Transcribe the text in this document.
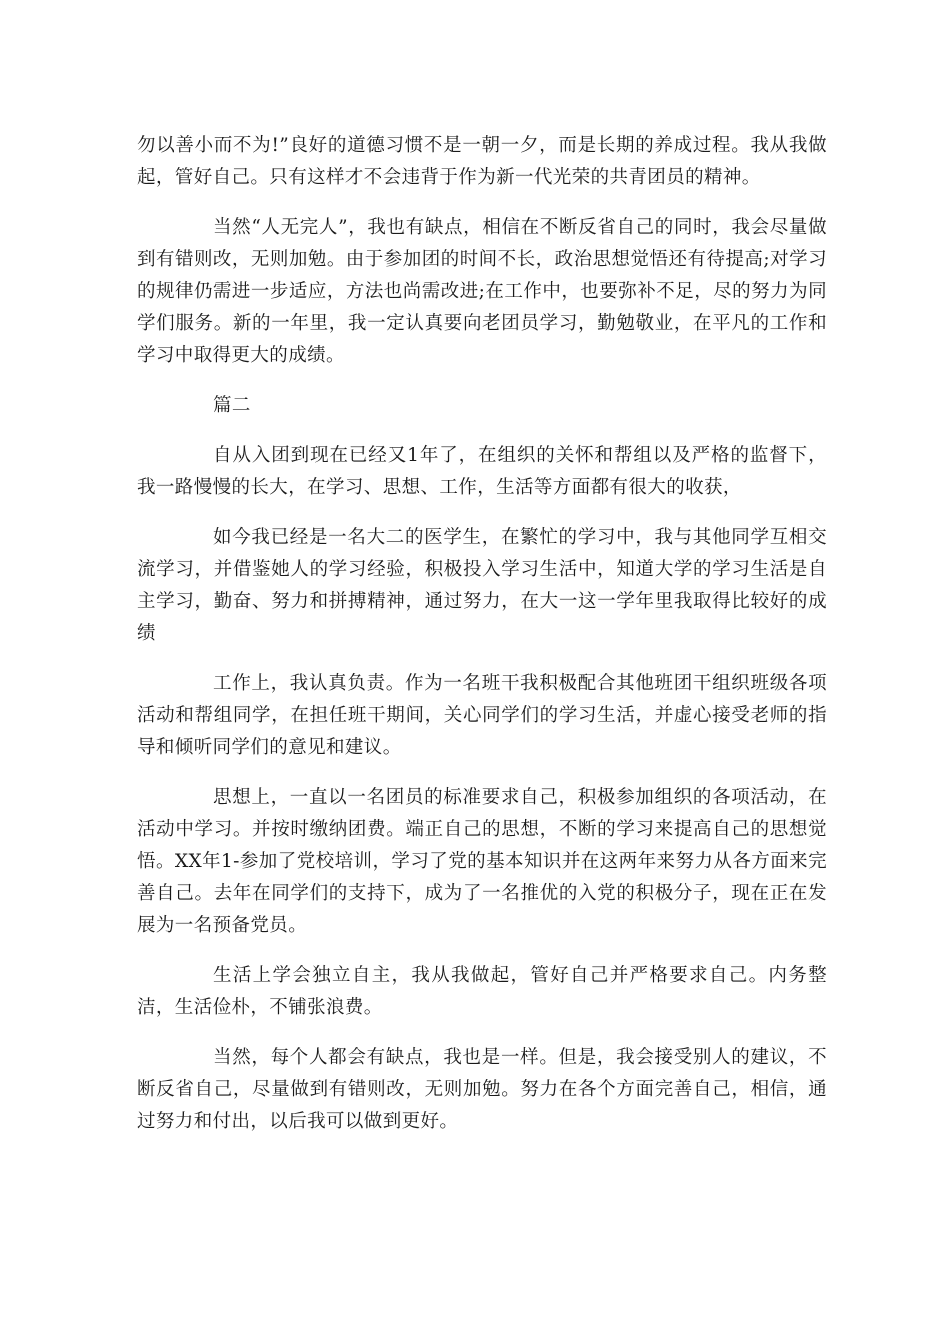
勿以善小而不为!”良好的道德习惯不是一朝一夕，而是长期的养成过程。我从我做起，管好自己。只有这样才不会违背于作为新一代光荣的共青团员的精神。

当然“人无完人”，我也有缺点，相信在不断反省自己的同时，我会尽量做到有错则改，无则加勉。由于参加团的时间不长，政治思想觉悟还有待提高;对学习的规律仍需进一步适应，方法也尚需改进;在工作中，也要弥补不足，尽的努力为同学们服务。新的一年里，我一定认真要向老团员学习，勤勉敬业，在平凡的工作和学习中取得更大的成绩。

篇二

自从入团到现在已经又1年了，在组织的关怀和帮组以及严格的监督下，我一路慢慢的长大，在学习、思想、工作，生活等方面都有很大的收获，

如今我已经是一名大二的医学生，在繁忙的学习中，我与其他同学互相交流学习，并借鉴她人的学习经验，积极投入学习生活中，知道大学的学习生活是自主学习，勤奋、努力和拼搏精神，通过努力，在大一这一学年里我取得比较好的成绩

工作上，我认真负责。作为一名班干我积极配合其他班团干组织班级各项活动和帮组同学，在担任班干期间，关心同学们的学习生活，并虚心接受老师的指导和倾听同学们的意见和建议。

思想上，一直以一名团员的标准要求自己，积极参加组织的各项活动，在活动中学习。并按时缴纳团费。端正自己的思想，不断的学习来提高自己的思想觉悟。XX年1-参加了党校培训，学习了党的基本知识并在这两年来努力从各方面来完善自己。去年在同学们的支持下，成为了一名推优的入党的积极分子，现在正在发展为一名预备党员。

生活上学会独立自主，我从我做起，管好自己并严格要求自己。内务整洁，生活俭朴，不铺张浪费。

当然，每个人都会有缺点，我也是一样。但是，我会接受别人的建议，不断反省自己，尽量做到有错则改，无则加勉。努力在各个方面完善自己，相信，通过努力和付出，以后我可以做到更好。
